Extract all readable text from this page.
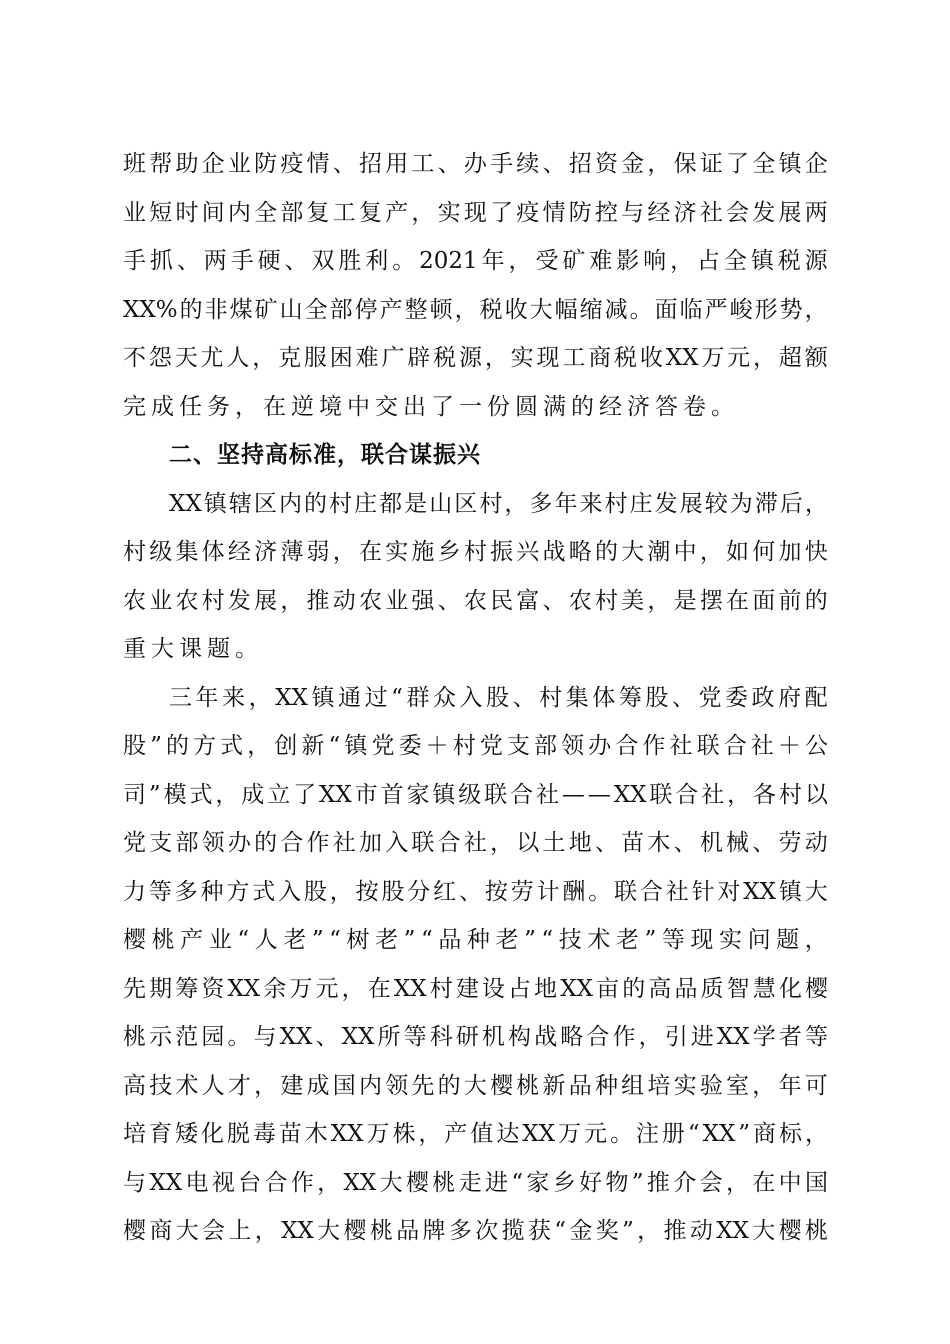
班 帮 助 企 业 防 疫 情 、 招 用 工 、 办 手 续 、 招 资 金 ， 保 证 了 全 镇 企
业 短 时 间 内 全 部 复 工 复 产 ， 实 现 了 疫 情 防 控 与 经 济 社 会 发 展 两
手 抓 、 两 手 硬 、 双 胜 利 。 2021 年 ， 受 矿 难 影 响 ， 占 全 镇 税 源
XX% 的 非 煤 矿 山 全 部 停 产 整 顿 ， 税 收 大 幅 缩 减 。 面 临 严 峻 形 势 ，
不 怨 天 尤 人 ， 克 服 困 难 广 辟 税 源 ， 实 现 工 商 税 收 XX 万 元 ， 超 额
完成任务，在逆境中交出了一份圆满的经济答卷。
二、坚持高标准，联合谋振兴
XX 镇 辖 区 内 的 村 庄 都 是 山 区 村 ， 多 年 来 村 庄 发 展 较 为 滞 后 ，
村 级 集 体 经 济 薄 弱 ， 在 实 施 乡 村 振 兴 战 略 的 大 潮 中 ， 如 何 加 快
农 业 农 村 发 展 ， 推 动 农 业 强 、 农 民 富 、 农 村 美 ， 是 摆 在 面 前 的
重大课题。
三 年 来 ， XX 镇 通 过 “ 群 众 入 股 、 村 集 体 筹 股 、 党 委 政 府 配
股 ” 的 方 式 ， 创 新 “ 镇 党 委 ＋ 村 党 支 部 领 办 合 作 社 联 合 社 ＋ 公
司 ” 模 式 ， 成 立 了 XX 市 首 家 镇 级 联 合 社 — — XX 联 合 社 ， 各 村 以
党 支 部 领 办 的 合 作 社 加 入 联 合 社 ， 以 土 地 、 苗 木 、 机 械 、 劳 动
力 等 多 种 方 式 入 股 ， 按 股 分 红 、 按 劳 计 酬 。 联 合 社 针 对 XX 镇 大
樱 桃 产 业 “ 人 老 ” “ 树 老 ” “ 品 种 老 ” “ 技 术 老 ” 等 现 实 问 题 ，
先 期 筹 资 XX 余 万 元 ， 在 XX 村 建 设 占 地 XX 亩 的 高 品 质 智 慧 化 樱
桃 示 范 园 。 与 XX 、 XX 所 等 科 研 机 构 战 略 合 作 ， 引 进 XX 学 者 等
高 技 术 人 才 ， 建 成 国 内 领 先 的 大 樱 桃 新 品 种 组 培 实 验 室 ， 年 可
培 育 矮 化 脱 毒 苗 木 XX 万 株 ， 产 值 达 XX 万 元 。 注 册 “ XX ” 商 标 ，
与 XX 电 视 台 合 作 ， XX 大 樱 桃 走 进 “ 家 乡 好 物 ” 推 介 会 ， 在 中 国
樱 商 大 会 上 ， XX 大 樱 桃 品 牌 多 次 揽 获 “ 金 奖 ” ， 推 动 XX 大 樱 桃
